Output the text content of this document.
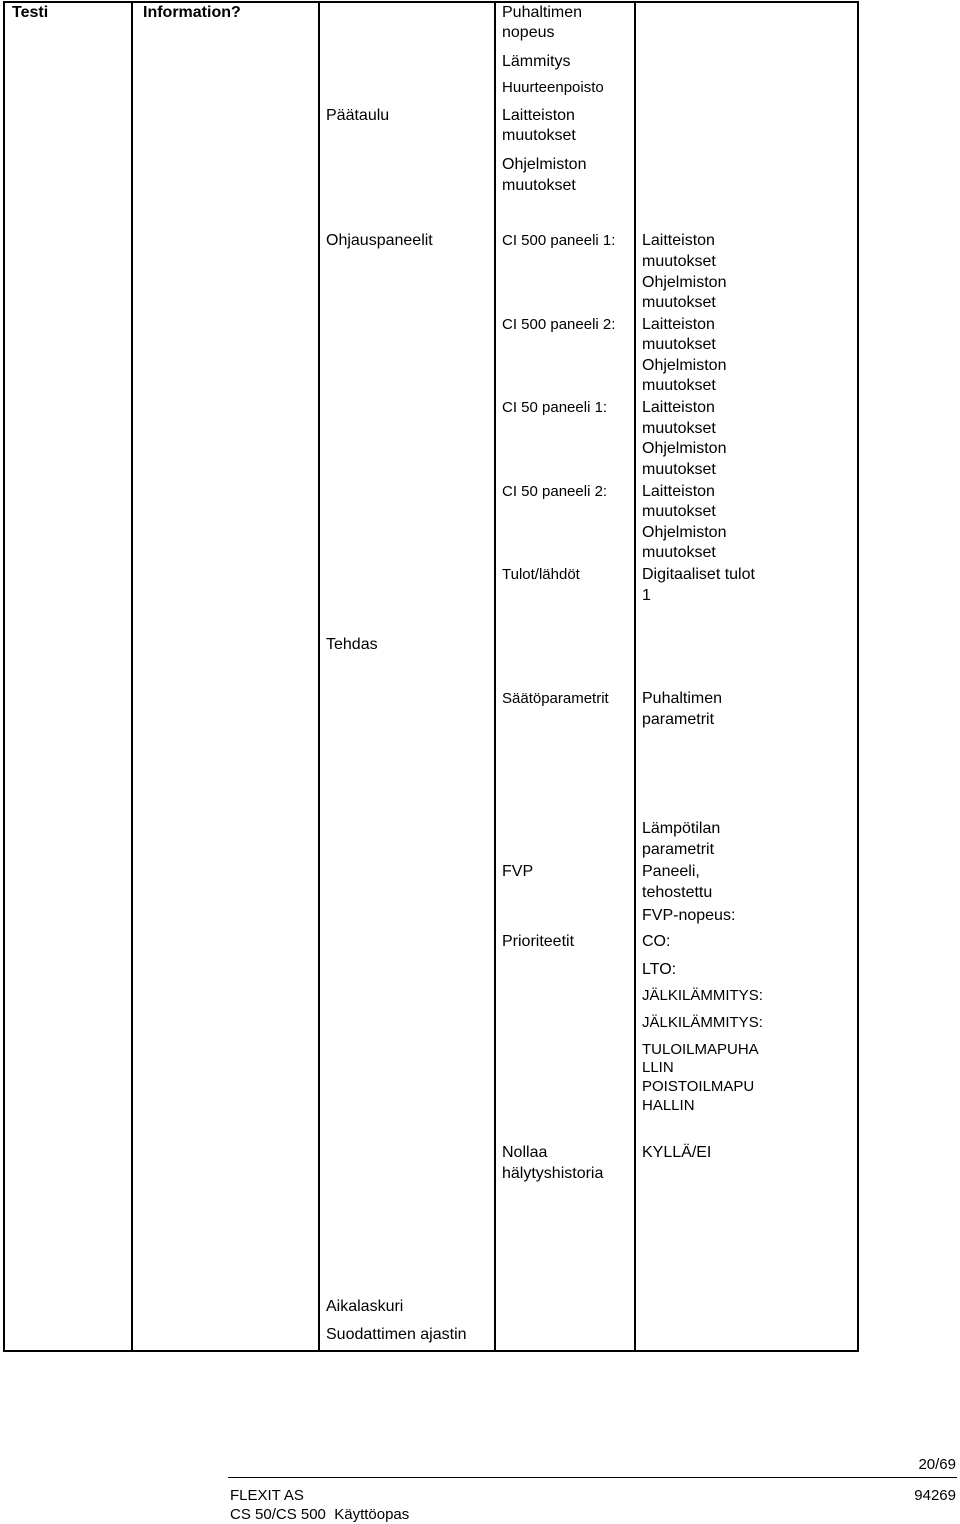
Testi	Information?
Päätaulu
Ohjauspaneelit
Tehdas
Aikalaskuri
Suodattimen ajastin
Puhaltimen
nopeus
Lämmitys
Huurteenpoisto
Laitteiston
muutokset
Ohjelmiston
muutokset
CI 500 paneeli 1:
CI 500 paneeli 2:
CI 50 paneeli 1:
CI 50 paneeli 2:
Tulot/lähdöt
Säätöparametrit
FVP
Prioriteetit
Nollaa
hälytyshistoria
Laitteiston
muutokset
Ohjelmiston
muutokset
Laitteiston
muutokset
Ohjelmiston
muutokset
Laitteiston
muutokset
Ohjelmiston
muutokset
Laitteiston
muutokset
Ohjelmiston
muutokset
Digitaaliset tulot
1
Puhaltimen
parametrit
Lämpötilan
parametrit
Paneeli,
tehostettu
FVP-nopeus:
CO:
LTO:
JÄLKILÄMMITYS:
JÄLKILÄMMITYS:
TULOILMAPUHA
LLIN
POISTOILMAPU
HALLIN
KYLLÄ/EI
20/69
FLEXIT AS	94269
CS 50/CS 500  Käyttöopas
